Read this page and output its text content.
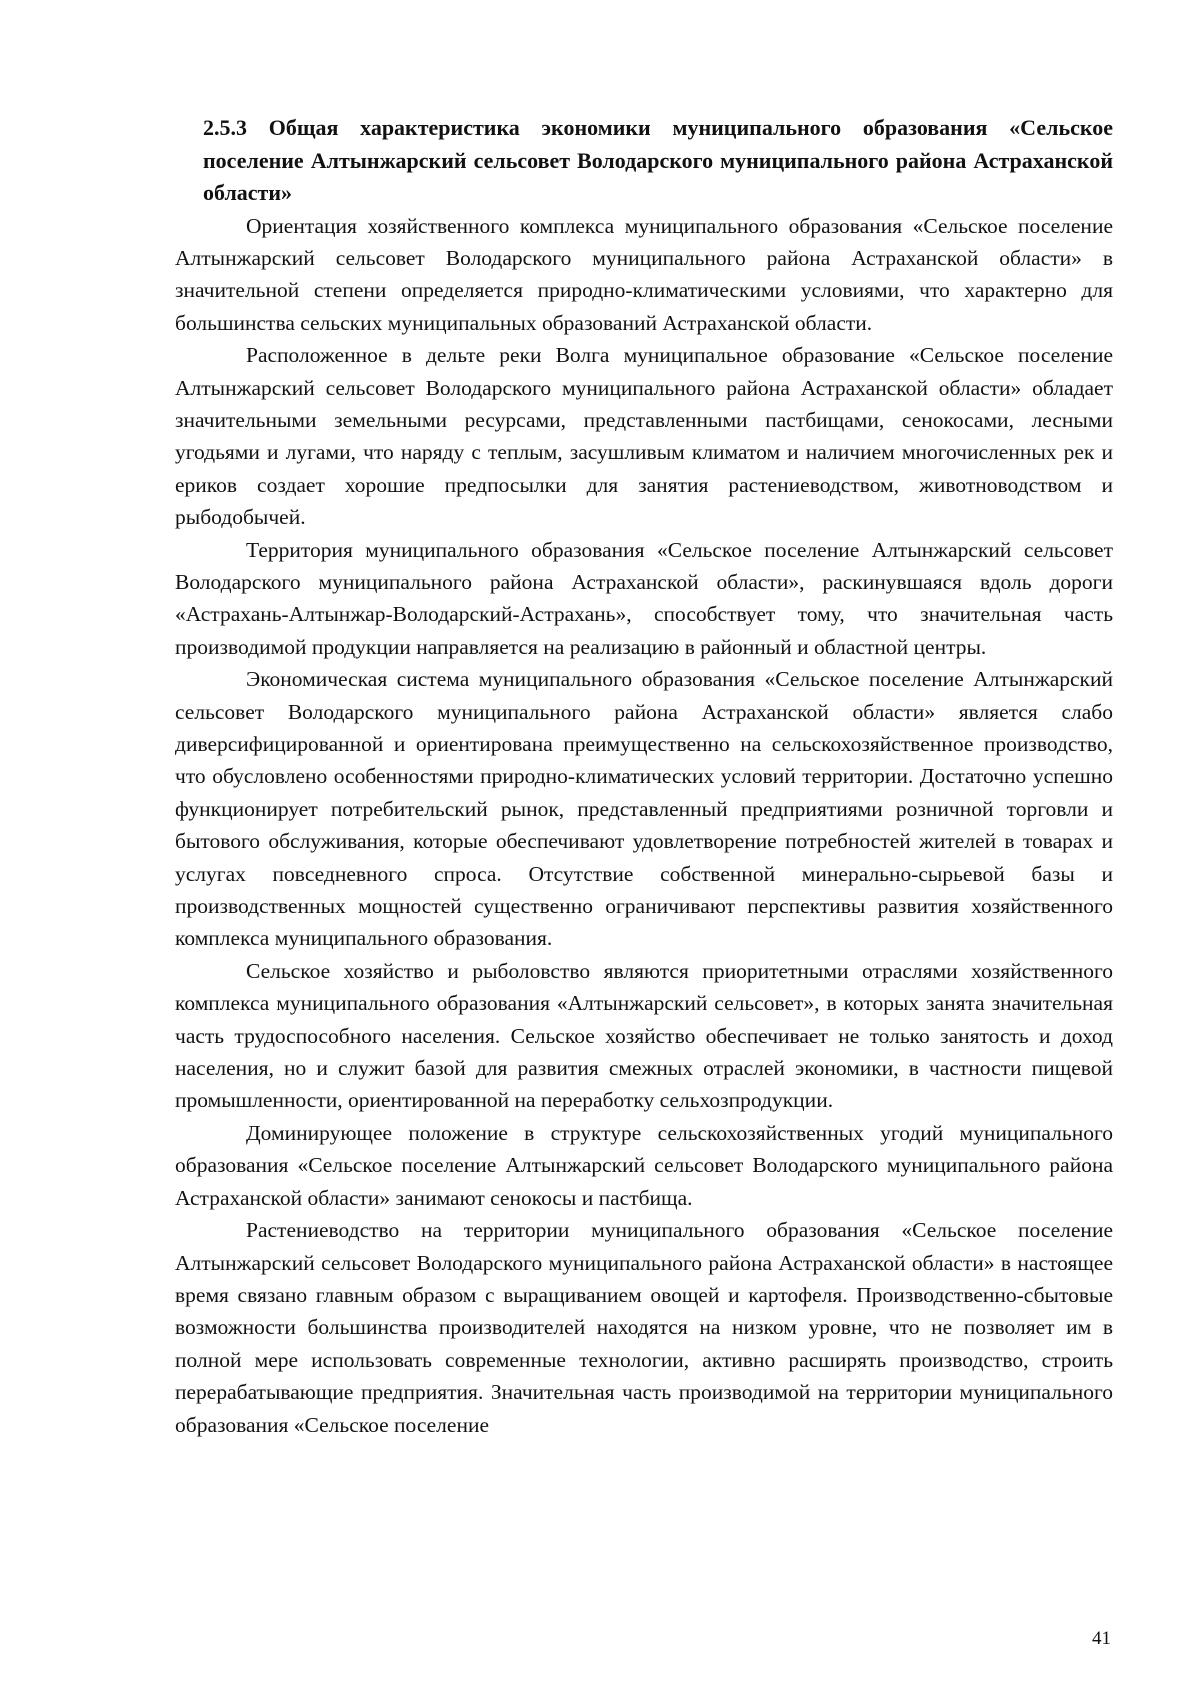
2.5.3 Общая характеристика экономики муниципального образования «Сельское поселение Алтынжарский сельсовет Володарского муниципального района Астраханской области»

Ориентация хозяйственного комплекса муниципального образования «Сельское поселение Алтынжарский сельсовет Володарского муниципального района Астраханской области» в значительной степени определяется природно-климатическими условиями, что характерно для большинства сельских муниципальных образований Астраханской области.

Расположенное в дельте реки Волга муниципальное образование «Сельское поселение Алтынжарский сельсовет Володарского муниципального района Астраханской области» обладает значительными земельными ресурсами, представленными пастбищами, сенокосами, лесными угодьями и лугами, что наряду с теплым, засушливым климатом и наличием многочисленных рек и ериков создает хорошие предпосылки для занятия растениеводством, животноводством и рыбодобычей.

Территория муниципального образования «Сельское поселение Алтынжарский сельсовет Володарского муниципального района Астраханской области», раскинувшаяся вдоль дороги «Астрахань-Алтынжар-Володарский-Астрахань», способствует тому, что значительная часть производимой продукции направляется на реализацию в районный и областной центры.

Экономическая система муниципального образования «Сельское поселение Алтынжарский сельсовет Володарского муниципального района Астраханской области» является слабо диверсифицированной и ориентирована преимущественно на сельскохозяйственное производство, что обусловлено особенностями природно-климатических условий территории. Достаточно успешно функционирует потребительский рынок, представленный предприятиями розничной торговли и бытового обслуживания, которые обеспечивают удовлетворение потребностей жителей в товарах и услугах повседневного спроса. Отсутствие собственной минерально-сырьевой базы и производственных мощностей существенно ограничивают перспективы развития хозяйственного комплекса муниципального образования.

Сельское хозяйство и рыболовство являются приоритетными отраслями хозяйственного комплекса муниципального образования «Алтынжарский сельсовет», в которых занята значительная часть трудоспособного населения. Сельское хозяйство обеспечивает не только занятость и доход населения, но и служит базой для развития смежных отраслей экономики, в частности пищевой промышленности, ориентированной на переработку сельхозпродукции.

Доминирующее положение в структуре сельскохозяйственных угодий муниципального образования «Сельское поселение Алтынжарский сельсовет Володарского муниципального района Астраханской области» занимают сенокосы и пастбища.

Растениеводство на территории муниципального образования «Сельское поселение Алтынжарский сельсовет Володарского муниципального района Астраханской области» в настоящее время связано главным образом с выращиванием овощей и картофеля. Производственно-сбытовые возможности большинства производителей находятся на низком уровне, что не позволяет им в полной мере использовать современные технологии, активно расширять производство, строить перерабатывающие предприятия. Значительная часть производимой на территории муниципального образования «Сельское поселение

41
